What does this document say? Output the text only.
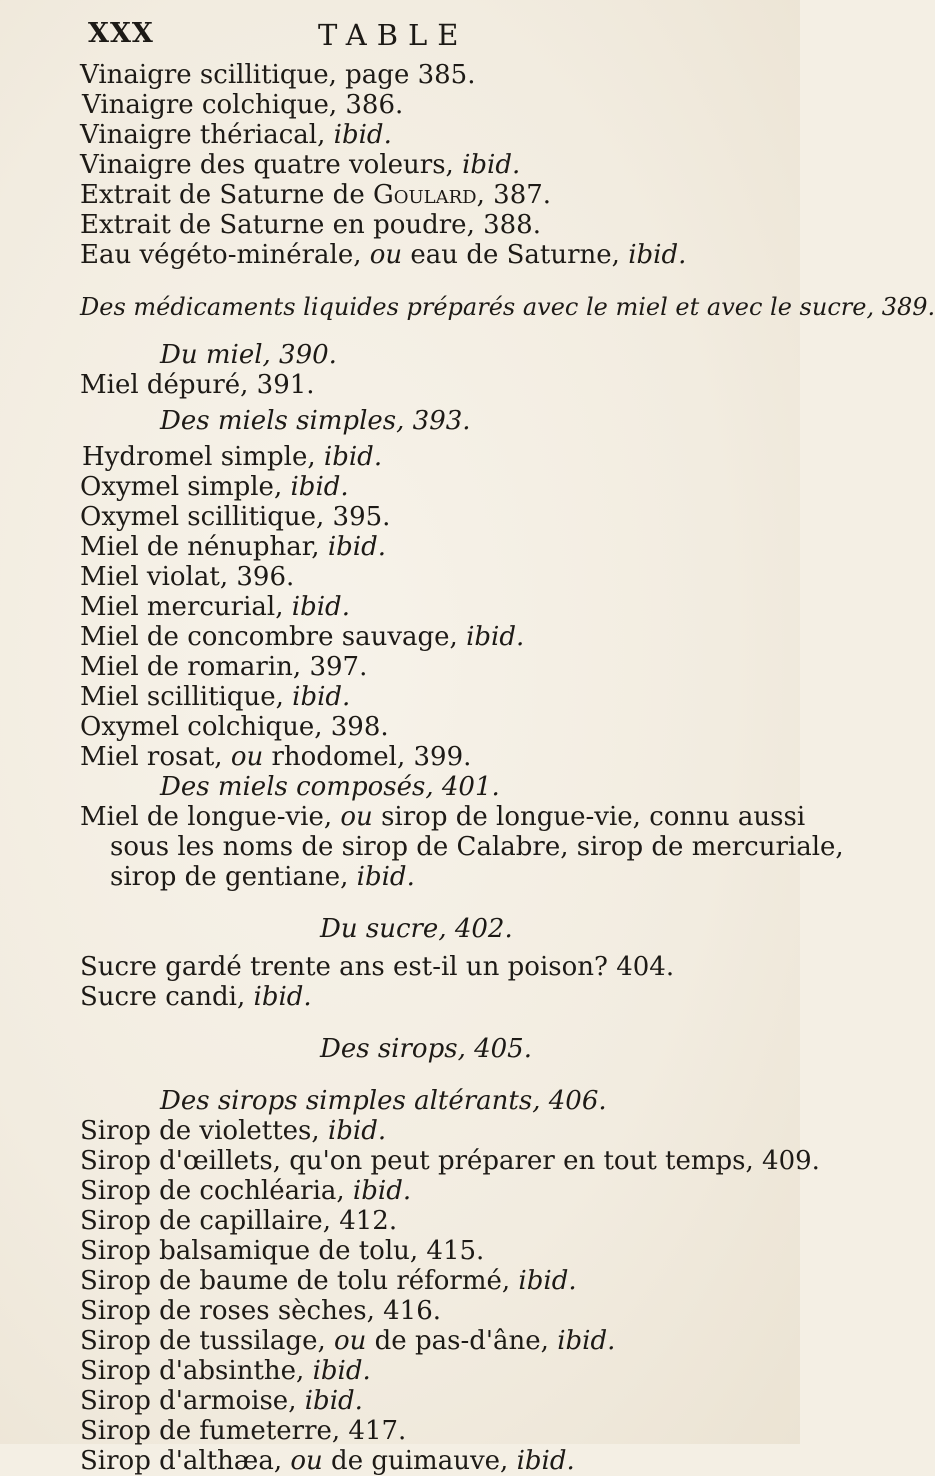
XXX	TABLE
Vinaigre scillitique, page 385.
Vinaigre colchique, 386.
Vinaigre thériacal, ibid.
Vinaigre des quatre voleurs, ibid.
Extrait de Saturne de Goulard, 387.
Extrait de Saturne en poudre, 388.
Eau végéto-minérale, ou eau de Saturne, ibid.
Des médicaments liquides préparés avec le miel et avec le sucre, 389.
Du miel, 390.
Miel dépuré, 391.
Des miels simples, 393.
Hydromel simple, ibid.
Oxymel simple, ibid.
Oxymel scillitique, 395.
Miel de nénuphar, ibid.
Miel violat, 396.
Miel mercurial, ibid.
Miel de concombre sauvage, ibid.
Miel de romarin, 397.
Miel scillitique, ibid.
Oxymel colchique, 398.
Miel rosat, ou rhodomel, 399.
Des miels composés, 401.
Miel de longue-vie, ou sirop de longue-vie, connu aussi
sous les noms de sirop de Calabre, sirop de mercuriale,
sirop de gentiane, ibid.
Du sucre, 402.
Sucre gardé trente ans est-il un poison? 404.
Sucre candi, ibid.
Des sirops, 405.
Des sirops simples altérants, 406.
Sirop de violettes, ibid.
Sirop d'œillets, qu'on peut préparer en tout temps, 409.
Sirop de cochléaria, ibid.
Sirop de capillaire, 412.
Sirop balsamique de tolu, 415.
Sirop de baume de tolu réformé, ibid.
Sirop de roses sèches, 416.
Sirop de tussilage, ou de pas-d'âne, ibid.
Sirop d'absinthe, ibid.
Sirop d'armoise, ibid.
Sirop de fumeterre, 417.
Sirop d'althæa, ou de guimauve, ibid.
